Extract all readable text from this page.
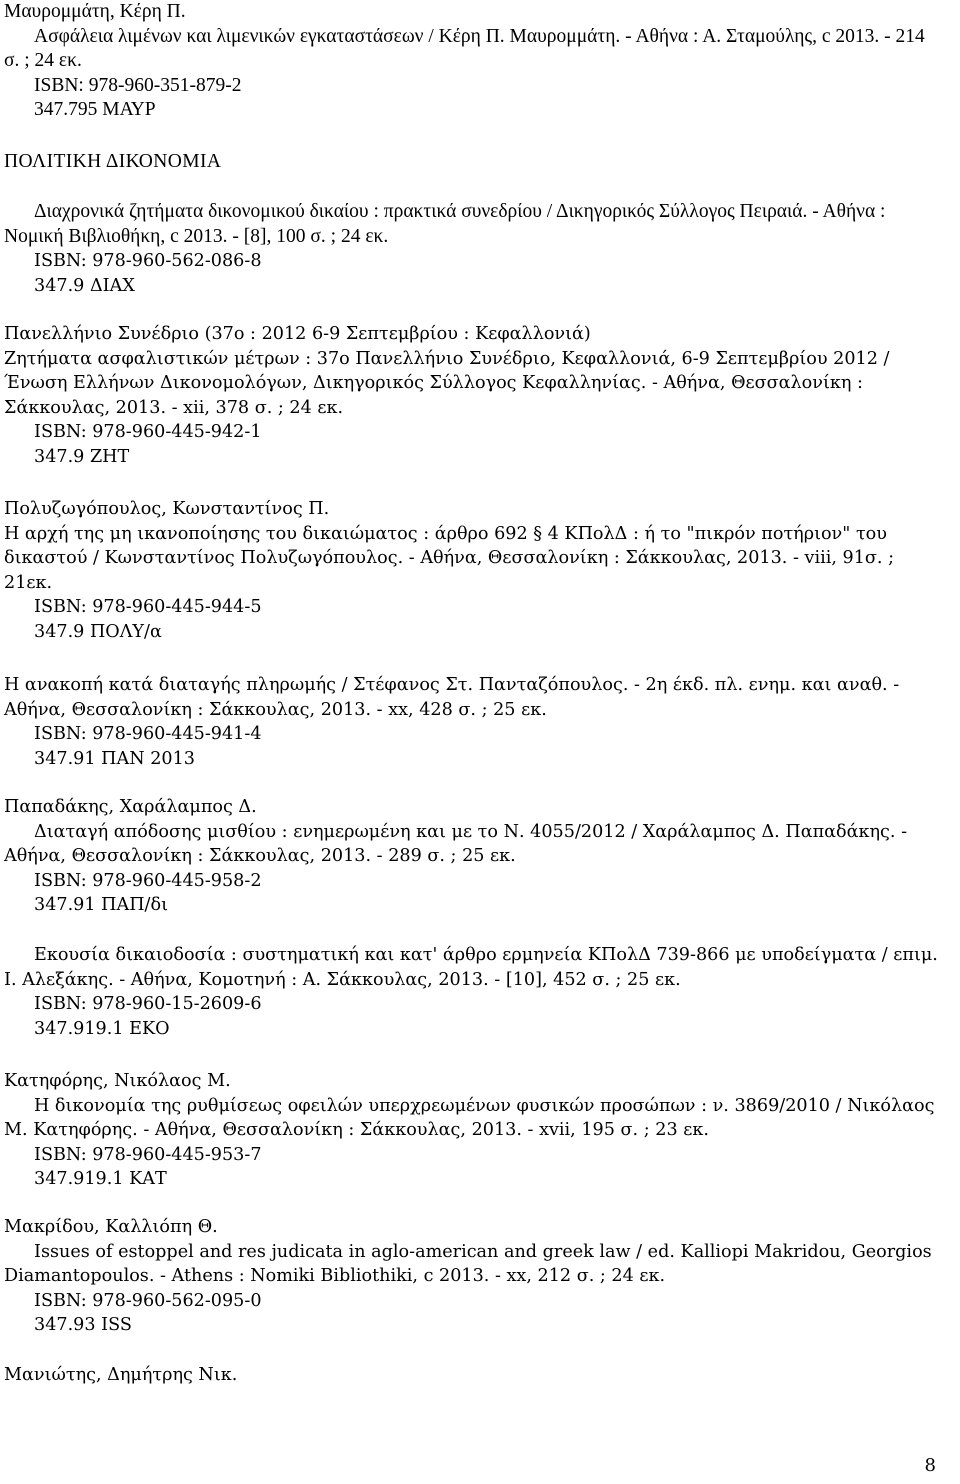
Μαυρομμάτη, Κέρη Π.
Ασφάλεια λιμένων και λιμενικών εγκαταστάσεων / Κέρη Π. Μαυρομμάτη. - Αθήνα : Α. Σταμούλης, c 2013. - 214 σ. ; 24 εκ.
ISBN: 978-960-351-879-2
347.795 ΜΑΥΡ
ΠΟΛΙΤΙΚΗ ΔΙΚΟΝΟΜΙΑ
Διαχρονικά ζητήματα δικονομικού δικαίου : πρακτικά συνεδρίου / Δικηγορικός Σύλλογος Πειραιά. - Αθήνα : Νομική Βιβλιοθήκη, c 2013. - [8], 100 σ. ; 24 εκ.
ISBN: 978-960-562-086-8
347.9 ΔΙΑΧ
Πανελλήνιο Συνέδριο (37ο : 2012 6-9 Σεπτεμβρίου : Κεφαλλονιά)
Ζητήματα ασφαλιστικών μέτρων : 37ο Πανελλήνιο Συνέδριο, Κεφαλλονιά, 6-9 Σεπτεμβρίου 2012 / Ένωση Ελλήνων Δικονομολόγων, Δικηγορικός Σύλλογος Κεφαλληνίας. - Αθήνα, Θεσσαλονίκη : Σάκκουλας, 2013. - xii, 378 σ. ; 24 εκ.
ISBN: 978-960-445-942-1
347.9 ΖΗΤ
Πολυζωγόπουλος, Κωνσταντίνος Π.
Η αρχή της μη ικανοποίησης του δικαιώματος : άρθρο 692 § 4 ΚΠολΔ : ή το "πικρόν ποτήριον" του δικαστού / Κωνσταντίνος Πολυζωγόπουλος. - Αθήνα, Θεσσαλονίκη : Σάκκουλας, 2013. - viii, 91σ. ; 21εκ.
ISBN: 978-960-445-944-5
347.9 ΠΟΛΥ/α
Η ανακοπή κατά διαταγής πληρωμής / Στέφανος Στ. Πανταζόπουλος. - 2η έκδ. πλ. ενημ. και αναθ. - Αθήνα, Θεσσαλονίκη : Σάκκουλας, 2013. - xx, 428 σ. ; 25 εκ.
ISBN: 978-960-445-941-4
347.91 ΠΑΝ 2013
Παπαδάκης, Χαράλαμπος Δ.
Διαταγή απόδοσης μισθίου : ενημερωμένη και με το Ν. 4055/2012 / Χαράλαμπος Δ. Παπαδάκης. - Αθήνα, Θεσσαλονίκη : Σάκκουλας, 2013. - 289 σ. ; 25 εκ.
ISBN: 978-960-445-958-2
347.91 ΠΑΠ/δι
Εκουσία δικαιοδοσία : συστηματική και κατ' άρθρο ερμηνεία ΚΠολΔ 739-866 με υποδείγματα / επιμ. Ι. Αλεξάκης. - Αθήνα, Κομοτηνή : Α. Σάκκουλας, 2013. - [10], 452 σ. ; 25 εκ.
ISBN: 978-960-15-2609-6
347.919.1 ΕΚΟ
Κατηφόρης, Νικόλαος Μ.
Η δικονομία της ρυθμίσεως οφειλών υπερχρεωμένων φυσικών προσώπων : ν. 3869/2010 / Νικόλαος Μ. Κατηφόρης. - Αθήνα, Θεσσαλονίκη : Σάκκουλας, 2013. - xvii, 195 σ. ; 23 εκ.
ISBN: 978-960-445-953-7
347.919.1 ΚΑΤ
Μακρίδου, Καλλιόπη Θ.
Issues of estoppel and res judicata in aglo-american and greek law / ed. Kalliopi Makridou, Georgios Diamantopoulos. - Athens : Nomiki Bibliothiki, c 2013. - xx, 212 σ. ; 24 εκ.
ISBN: 978-960-562-095-0
347.93 ISS
Μανιώτης, Δημήτρης Νικ.
8
